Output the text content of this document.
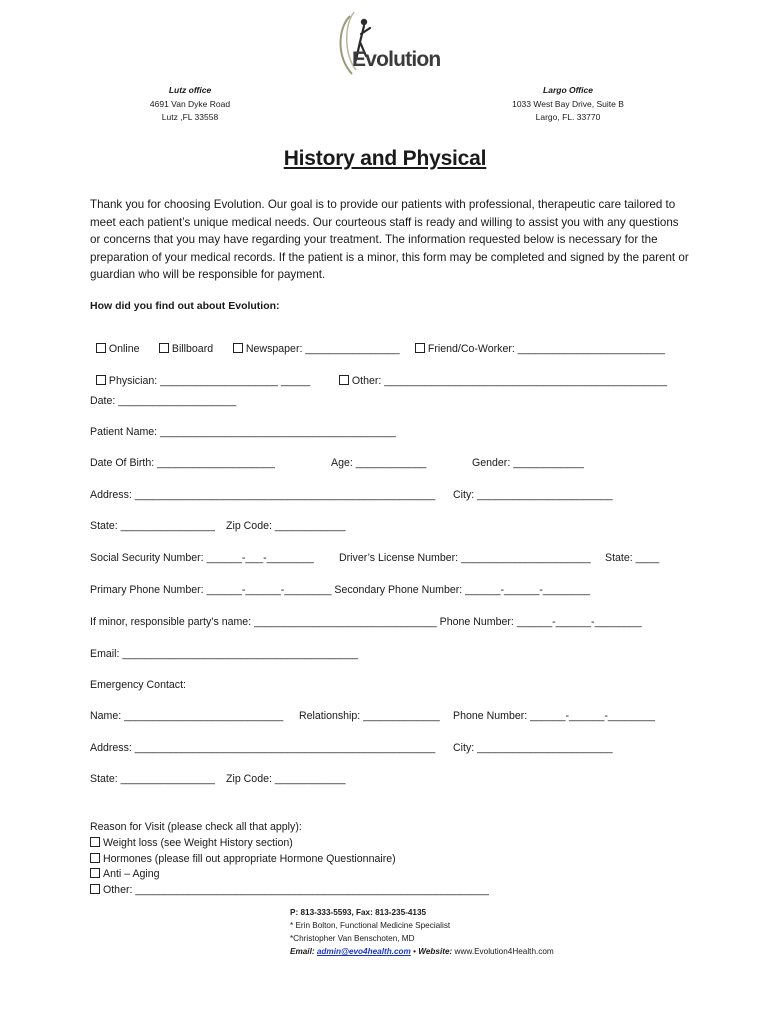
Evolution
Lutz office
4691 Van Dyke Road
Lutz ,FL 33558
Largo Office
1033 West Bay Drive, Suite B
Largo, FL. 33770
History and Physical
Thank you for choosing Evolution. Our goal is to provide our patients with professional, therapeutic care tailored to meet each patient’s unique medical needs. Our courteous staff is ready and willing to assist you with any questions or concerns that you may have regarding your treatment. The information requested below is necessary for the preparation of your medical records. If the patient is a minor, this form may be completed and signed by the parent or guardian who will be responsible for payment.
How did you find out about Evolution:

Online	Billboard	Newspaper: ________________	Friend/Co-Worker: _________________________

Physician: ____________________ _____	Other: ________________________________________________

Date: ____________________
Patient Name: ________________________________________
Date Of Birth: ____________________	Age: ____________	Gender: ____________
Address: ___________________________________________________ City: _______________________
State: ________________ Zip Code: ____________
Social Security Number: ______-___-________ Driver’s License Number: ______________________ State: ____
Primary Phone Number: ______-______-________ Secondary Phone Number: ______-______-________
If minor, responsible party’s name: _______________________________ Phone Number: ______-______-________
Email: ________________________________________
Emergency Contact:
Name: ___________________________ Relationship: _____________ Phone Number: ______-______-________
Address: ___________________________________________________ City: _______________________
State: ________________ Zip Code: ____________
Reason for Visit (please check all that apply):
Weight loss (see Weight History section)
Hormones (please fill out appropriate Hormone Questionnaire)
Anti – Aging
Other: ____________________________________________________________
P: 813-333-5593, Fax: 813-235-4135
* Erin Bolton, Functional Medicine Specialist
*Christopher Van Benschoten, MD
Email: admin@evo4health.com • Website: www.Evolution4Health.com
